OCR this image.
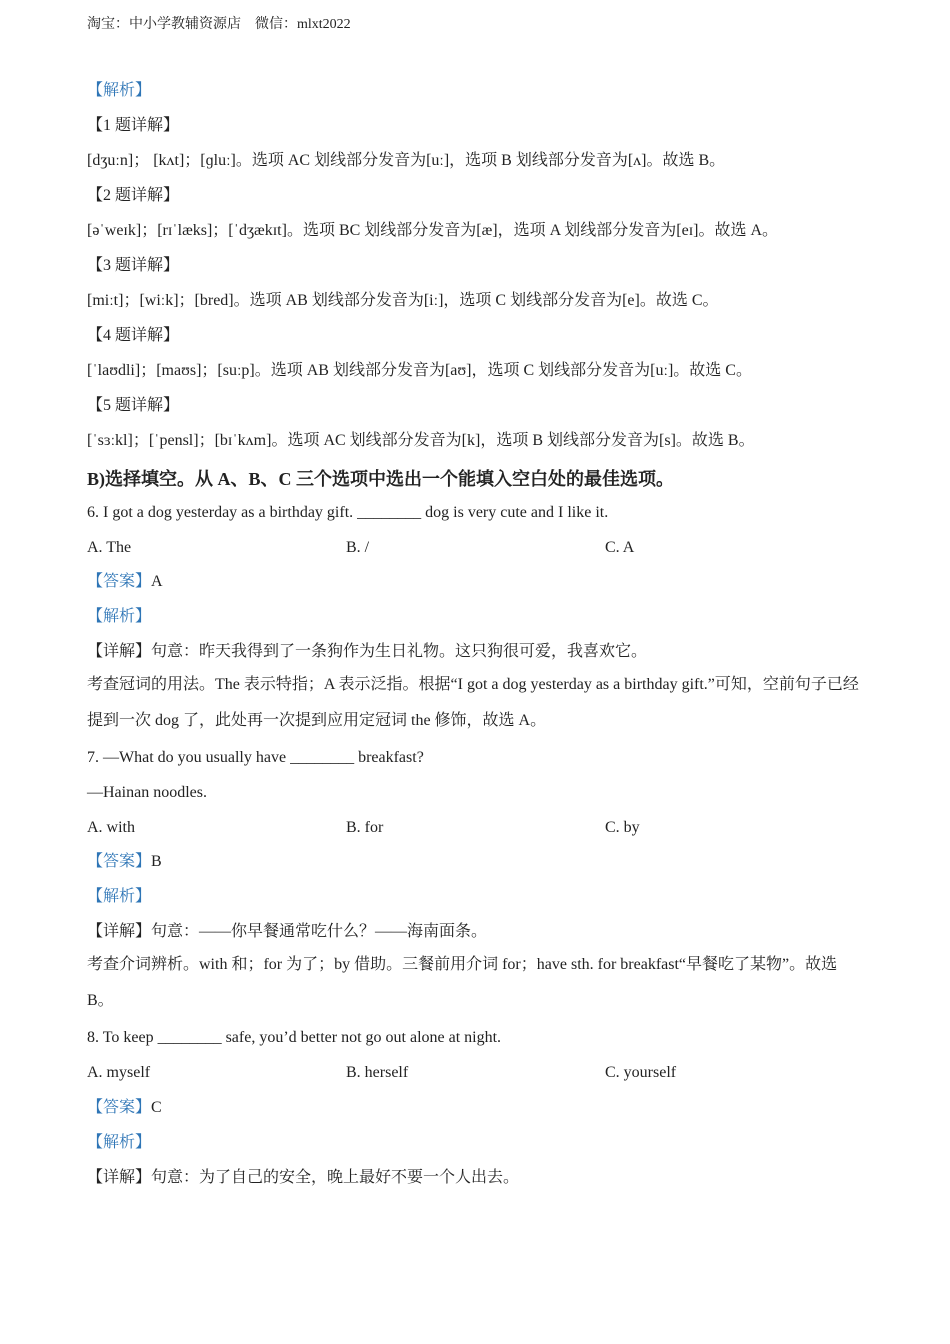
淘宝：中小学教辅资源店 微信：mlxt2022
【解析】
【1 题详解】
[dʒuːn]； [kʌt]；[ɡluː]。选项 AC 划线部分发音为[uː]，选项 B 划线部分发音为[ʌ]。故选 B。
【2 题详解】
[əˈweɪk]；[rɪˈlæks]；[ˈdʒækɪt]。选项 BC 划线部分发音为[æ]，选项 A 划线部分发音为[eɪ]。故选 A。
【3 题详解】
[miːt]；[wiːk]；[bred]。选项 AB 划线部分发音为[iː]，选项 C 划线部分发音为[e]。故选 C。
【4 题详解】
[ˈlaʊdli]；[maʊs]；[suːp]。选项 AB 划线部分发音为[aʊ]，选项 C 划线部分发音为[uː]。故选 C。
【5 题详解】
[ˈsɜːkl]；[ˈpensl]；[bɪˈkʌm]。选项 AC 划线部分发音为[k]，选项 B 划线部分发音为[s]。故选 B。
B)选择填空。从 A、B、C 三个选项中选出一个能填入空白处的最佳选项。
6. I got a dog yesterday as a birthday gift. ________ dog is very cute and I like it.
A. The	B. /	C. A
【答案】A
【解析】
【详解】句意：昨天我得到了一条狗作为生日礼物。这只狗很可爱，我喜欢它。
考查冠词的用法。The 表示特指；A 表示泛指。根据“I got a dog yesterday as a birthday gift.”可知，空前句子已经提到一次 dog 了，此处再一次提到应用定冠词 the 修饰，故选 A。
7. —What do you usually have ________ breakfast?
—Hainan noodles.
A. with	B. for	C. by
【答案】B
【解析】
【详解】句意：——你早餐通常吃什么？——海南面条。
考查介词辨析。with 和；for 为了；by 借助。三餐前用介词 for；have sth. for breakfast“早餐吃了某物”。故选 B。
8. To keep ________ safe, you’d better not go out alone at night.
A. myself	B. herself	C. yourself
【答案】C
【解析】
【详解】句意：为了自己的安全，晚上最好不要一个人出去。
